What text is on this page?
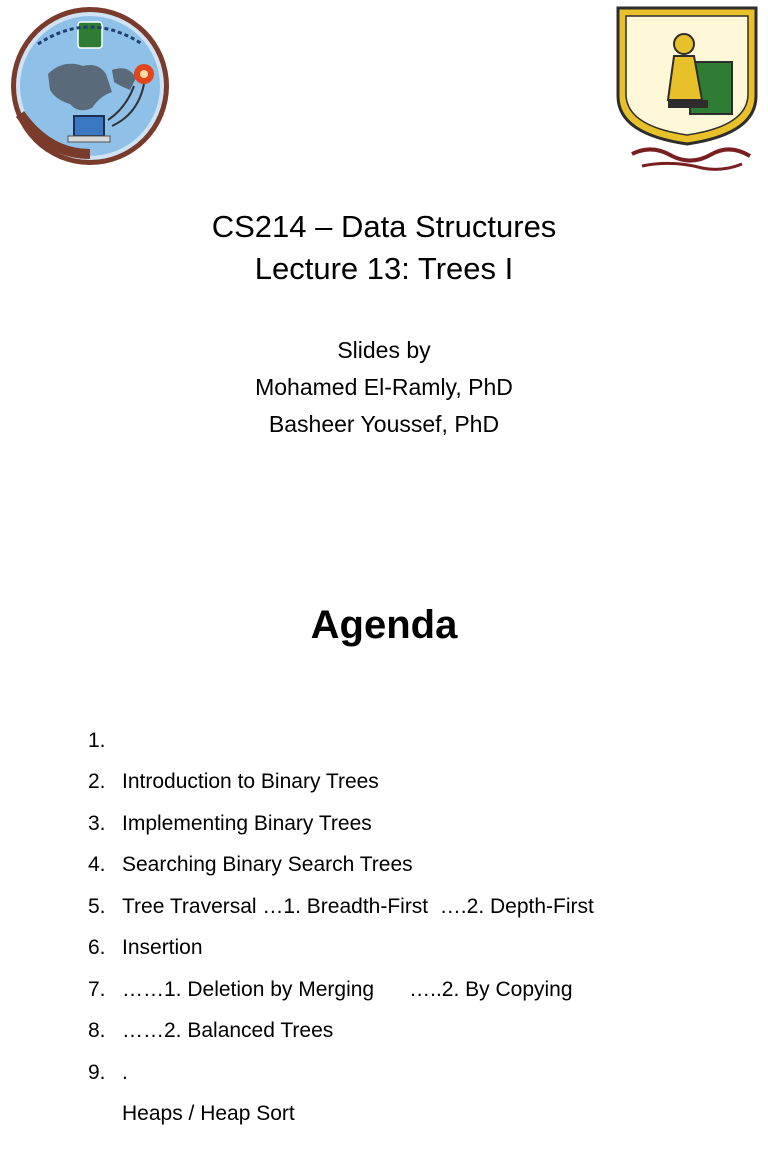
CS214 – Data Structures
Lecture 13: Trees I
Slides by
Mohamed El-Ramly, PhD
Basheer Youssef, PhD
Agenda

1.

Introduction to Binary Trees

2.

Implementing Binary Trees

3.

Searching Binary Search Trees

4.

Tree Traversal …1. Breadth-First  ….2. Depth-First

5.

Insertion

6.

……1. Deletion by Merging      …..2. By Copying

7.

……2. Balanced Trees

8.

.

9.

Heaps / Heap Sort
